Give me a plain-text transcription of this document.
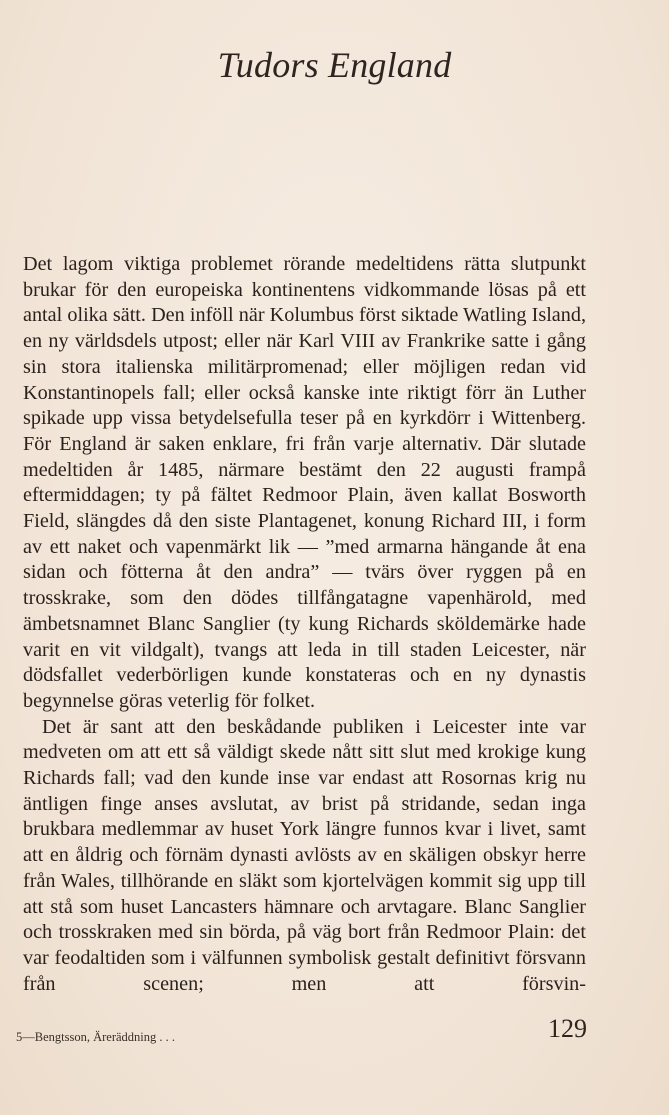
Tudors England

Det lagom viktiga problemet rörande medeltidens rätta slutpunkt brukar för den europeiska kontinentens vidkommande lösas på ett antal olika sätt. Den inföll när Kolumbus först siktade Watling Island, en ny världsdels utpost; eller när Karl VIII av Frankrike satte i gång sin stora italienska militärpromenad; eller möjligen redan vid Konstantinopels fall; eller också kanske inte riktigt förr än Luther spikade upp vissa betydelsefulla teser på en kyrkdörr i Wittenberg. För England är saken enklare, fri från varje alternativ. Där slutade medeltiden år 1485, närmare bestämt den 22 augusti frampå eftermiddagen; ty på fältet Redmoor Plain, även kallat Bosworth Field, slängdes då den siste Plantagenet, konung Richard III, i form av ett naket och vapenmärkt lik — ”med armarna hängande åt ena sidan och fötterna åt den andra” — tvärs över ryggen på en trosskrake, som den dödes tillfångatagne vapenhärold, med ämbetsnamnet Blanc Sanglier (ty kung Richards sköldemärke hade varit en vit vildgalt), tvangs att leda in till staden Leicester, när dödsfallet vederbörligen kunde konstateras och en ny dynastis begynnelse göras veterlig för folket.

Det är sant att den beskådande publiken i Leicester inte var medveten om att ett så väldigt skede nått sitt slut med krokige kung Richards fall; vad den kunde inse var endast att Rosornas krig nu äntligen finge anses avslutat, av brist på stridande, sedan inga brukbara medlemmar av huset York längre funnos kvar i livet, samt att en åldrig och förnäm dynasti avlösts av en skäligen obskyr herre från Wales, tillhörande en släkt som kjortelvägen kommit sig upp till att stå som huset Lancasters hämnare och arvtagare. Blanc Sanglier och trosskraken med sin börda, på väg bort från Redmoor Plain: det var feodaltiden som i välfunnen symbolisk gestalt definitivt försvann från scenen; men att försvin-

5—Bengtsson, Äreräddning . . .	129
